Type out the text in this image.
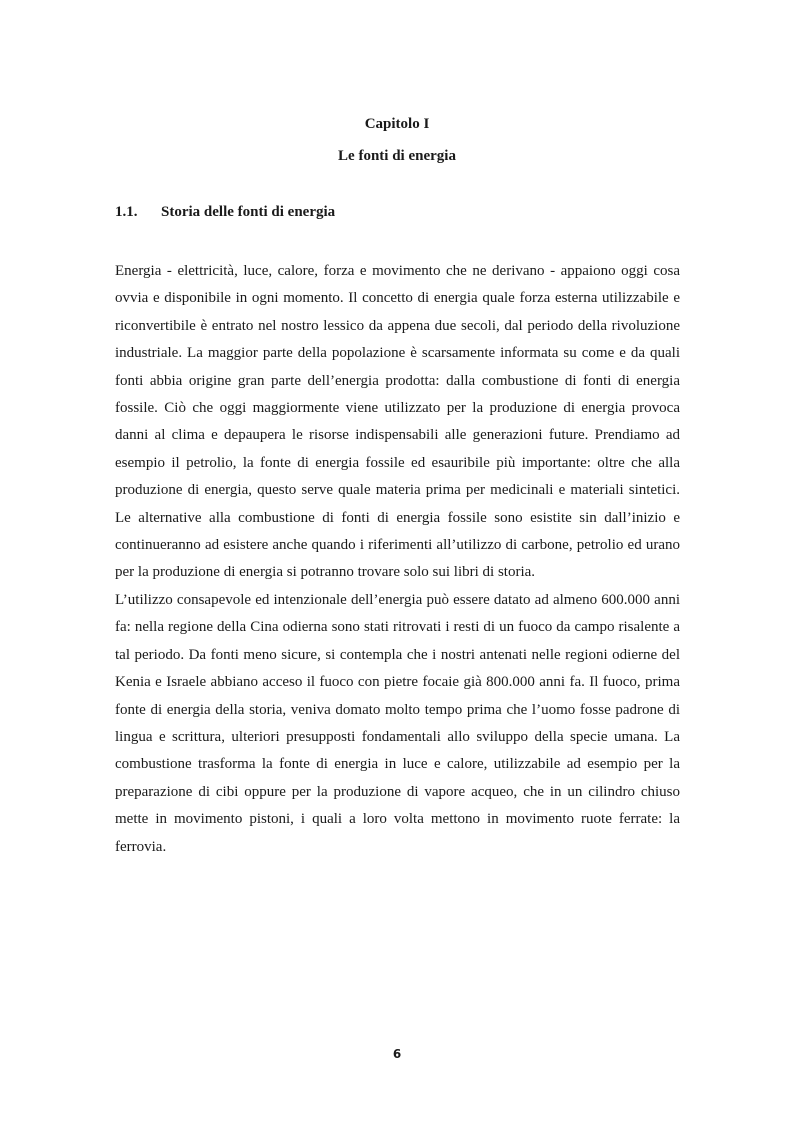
Capitolo I
Le fonti di energia
1.1. Storia delle fonti di energia

Energia - elettricità, luce, calore, forza e movimento che ne derivano - appaiono oggi cosa ovvia e disponibile in ogni momento. Il concetto di energia quale forza esterna utilizzabile e riconvertibile è entrato nel nostro lessico da appena due secoli, dal periodo della rivoluzione industriale. La maggior parte della popolazione è scarsamente informata su come e da quali fonti abbia origine gran parte dell’energia prodotta: dalla combustione di fonti di energia fossile. Ciò che oggi maggiormente viene utilizzato per la produzione di energia provoca danni al clima e depaupera le risorse indispensabili alle generazioni future. Prendiamo ad esempio il petrolio, la fonte di energia fossile ed esauribile più importante: oltre che alla produzione di energia, questo serve quale materia prima per medicinali e materiali sintetici. Le alternative alla combustione di fonti di energia fossile sono esistite sin dall’inizio e continueranno ad esistere anche quando i riferimenti all’utilizzo di carbone, petrolio ed urano per la produzione di energia si potranno trovare solo sui libri di storia.

L’utilizzo consapevole ed intenzionale dell’energia può essere datato ad almeno 600.000 anni fa: nella regione della Cina odierna sono stati ritrovati i resti di un fuoco da campo risalente a tal periodo. Da fonti meno sicure, si contempla che i nostri antenati nelle regioni odierne del Kenia e Israele abbiano acceso il fuoco con pietre focaie già 800.000 anni fa. Il fuoco, prima fonte di energia della storia, veniva domato molto tempo prima che l’uomo fosse padrone di lingua e scrittura, ulteriori presupposti fondamentali allo sviluppo della specie umana. La combustione trasforma la fonte di energia in luce e calore, utilizzabile ad esempio per la preparazione di cibi oppure per la produzione di vapore acqueo, che in un cilindro chiuso mette in movimento pistoni, i quali a loro volta mettono in movimento ruote ferrate: la ferrovia.

6
